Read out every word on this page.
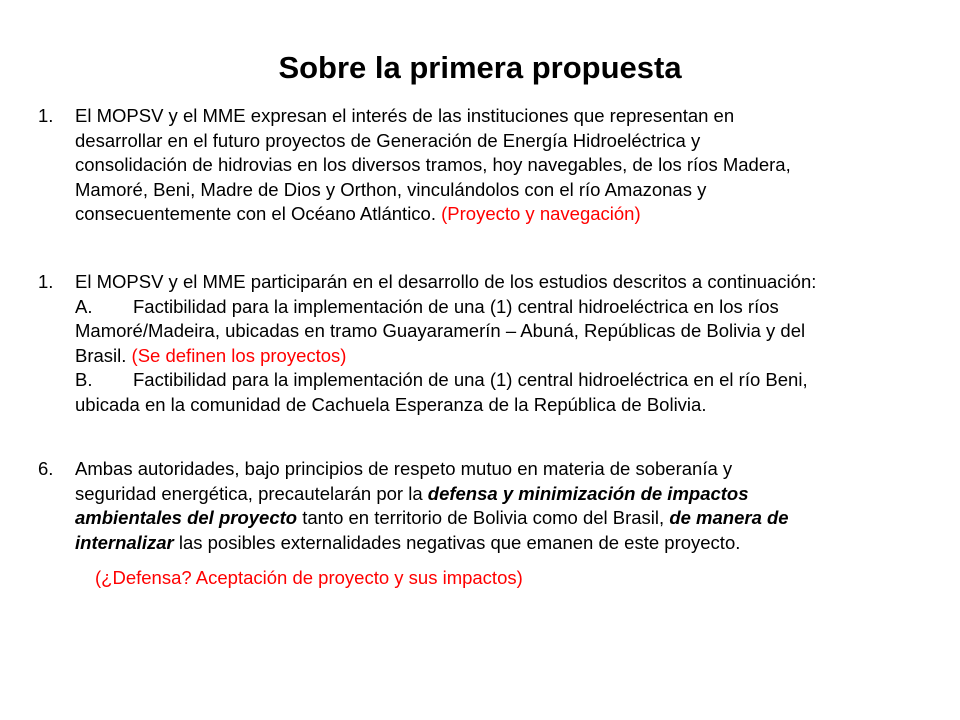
Sobre la primera propuesta
1.	El MOPSV y el MME expresan el interés de las instituciones que representan en
desarrollar en el futuro proyectos de Generación de Energía Hidroeléctrica y
consolidación de hidrovias en los diversos tramos, hoy navegables, de los ríos Madera,
Mamoré, Beni, Madre de Dios y Orthon, vinculándolos con el río Amazonas y
consecuentemente con el Océano Atlántico. (Proyecto y navegación)
1.	El MOPSV y el MME participarán en el desarrollo de los estudios descritos a continuación:
A. Factibilidad para la implementación de una (1) central hidroeléctrica en los ríos
Mamoré/Madeira, ubicadas en tramo Guayaramerín – Abuná, Repúblicas de Bolivia y del
Brasil. (Se definen los proyectos)
B. Factibilidad para la implementación de una (1) central hidroeléctrica en el río Beni,
ubicada en la comunidad de Cachuela Esperanza de la República de Bolivia.
6.	Ambas autoridades, bajo principios de respeto mutuo en materia de soberanía y
seguridad energética, precautelarán por la defensa y minimización de impactos
ambientales del proyecto tanto en territorio de Bolivia como del Brasil, de manera de
internalizar las posibles externalidades negativas que emanen de este proyecto.
(¿Defensa? Aceptación de proyecto y sus impactos)
